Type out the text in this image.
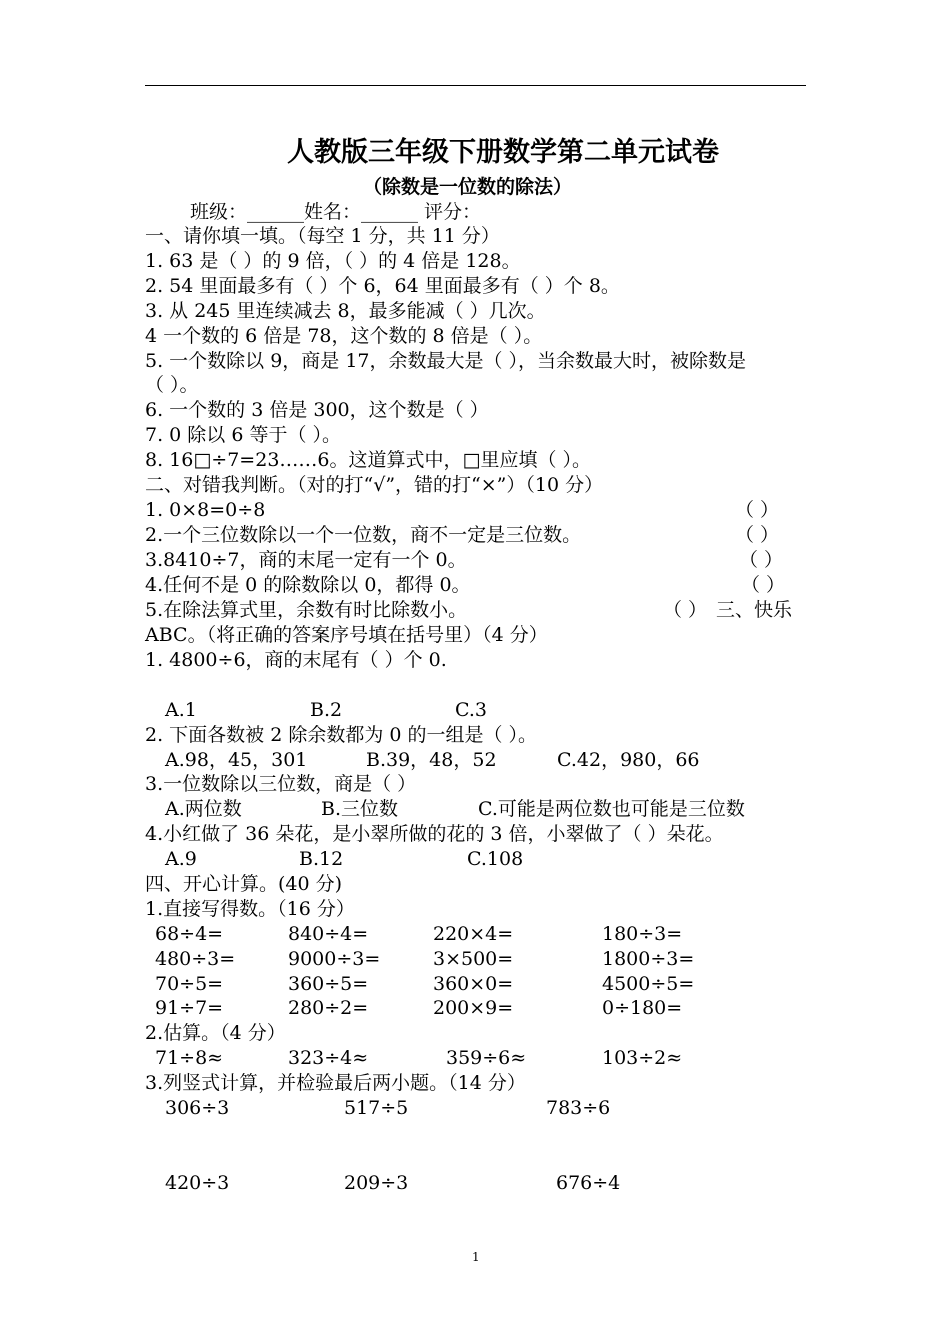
人教版三年级下册数学第二单元试卷
（除数是一位数的除法）
班级：______姓名：______ 评分：
一、请你填一填。（每空 1 分，共 11 分）
1. 63 是（ ）的 9 倍，（ ）的 4 倍是 128。
2. 54 里面最多有（ ）个 6，64 里面最多有（ ）个 8。
3. 从 245 里连续减去 8，最多能减（ ）几次。
4 一个数的 6 倍是 78，这个数的 8 倍是（ ）。
5. 一个数除以 9，商是 17，余数最大是（ ），当余数最大时，被除数是
（ ）。
6. 一个数的 3 倍是 300，这个数是（ ）
7. 0 除以 6 等于（ ）。
8. 16□÷7=23……6。这道算式中，□里应填（ ）。
二、对错我判断。（对的打“√”，错的打“×”）（10 分）
1. 0×8=0÷8	（ ）
2.一个三位数除以一个一位数，商不一定是三位数。	（ ）
3.8410÷7，商的末尾一定有一个 0。	（ ）
4.任何不是 0 的除数除以 0，都得 0。	（ ）
5.在除法算式里，余数有时比除数小。	（ ） 三、快乐
ABC。（将正确的答案序号填在括号里）（4 分）
1. 4800÷6，商的末尾有（ ）个 0.
A.1	B.2	C.3
2. 下面各数被 2 除余数都为 0 的一组是（ ）。
A.98，45，301	B.39，48，52	C.42，980，66
3.一位数除以三位数，商是（ ）
A.两位数	B.三位数	C.可能是两位数也可能是三位数
4.小红做了 36 朵花，是小翠所做的花的 3 倍，小翠做了（ ）朵花。
A.9	B.12	C.108
四、开心计算。(40 分)
1.直接写得数。（16 分）
68÷4=	840÷4=	220×4=	180÷3=
480÷3=	9000÷3=	3×500=	1800÷3=
70÷5=	360÷5=	360×0=	4500÷5=
91÷7=	280÷2=	200×9=	0÷180=
2.估算。（4 分）
71÷8≈	323÷4≈	359÷6≈	103÷2≈
3.列竖式计算，并检验最后两小题。（14 分）
306÷3	517÷5	783÷6
420÷3	209÷3	676÷4
1
